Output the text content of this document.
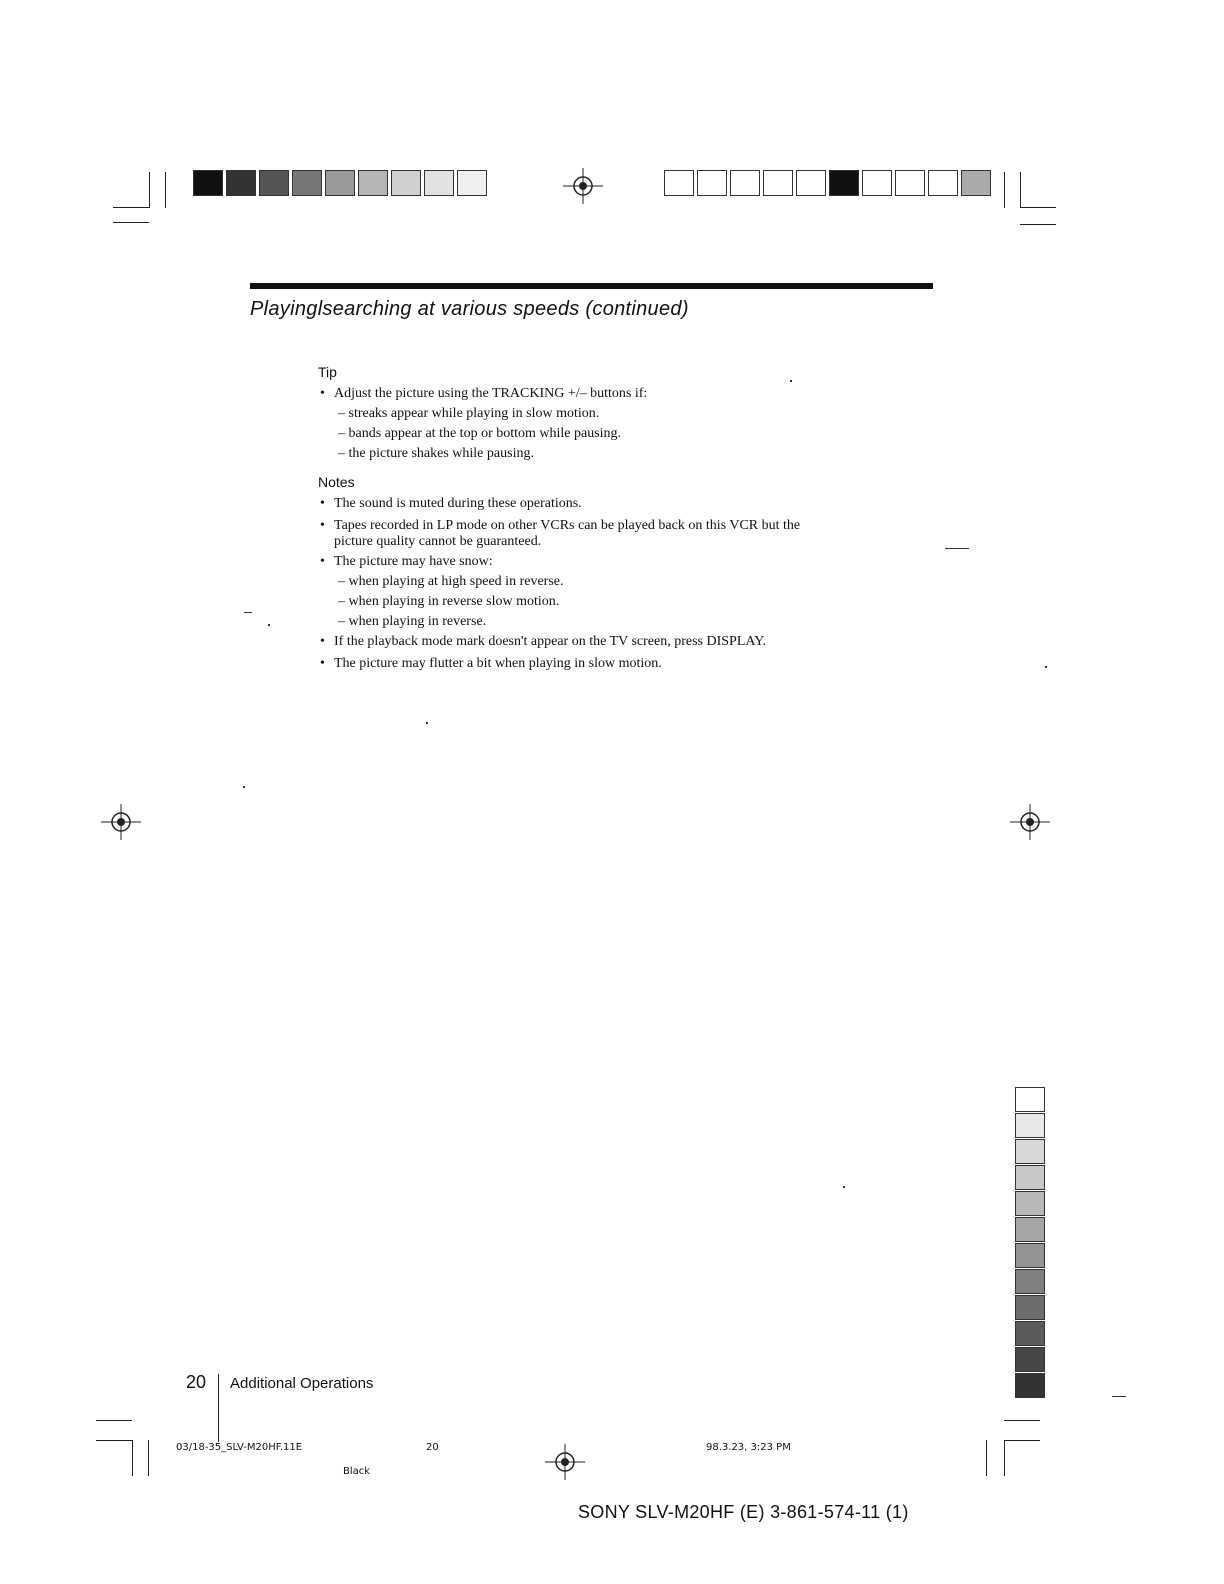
Playinglsearching at various speeds (continued)
Tip
• Adjust the picture using the TRACKING +/– buttons if:
– streaks appear while playing in slow motion.
– bands appear at the top or bottom while pausing.
– the picture shakes while pausing.
Notes
• The sound is muted during these operations.
• Tapes recorded in LP mode on other VCRs can be played back on this VCR but the
picture quality cannot be guaranteed.
• The picture may have snow:
– when playing at high speed in reverse.
– when playing in reverse slow motion.
– when playing in reverse.
• If the playback mode mark doesn't appear on the TV screen, press DISPLAY.
• The picture may flutter a bit when playing in slow motion.
20 Additional Operations
03/18-35_SLV-M20HF.11E	20
Black
98.3.23, 3:23 PM
SONY SLV-M20HF (E) 3-861-574-11 (1)
